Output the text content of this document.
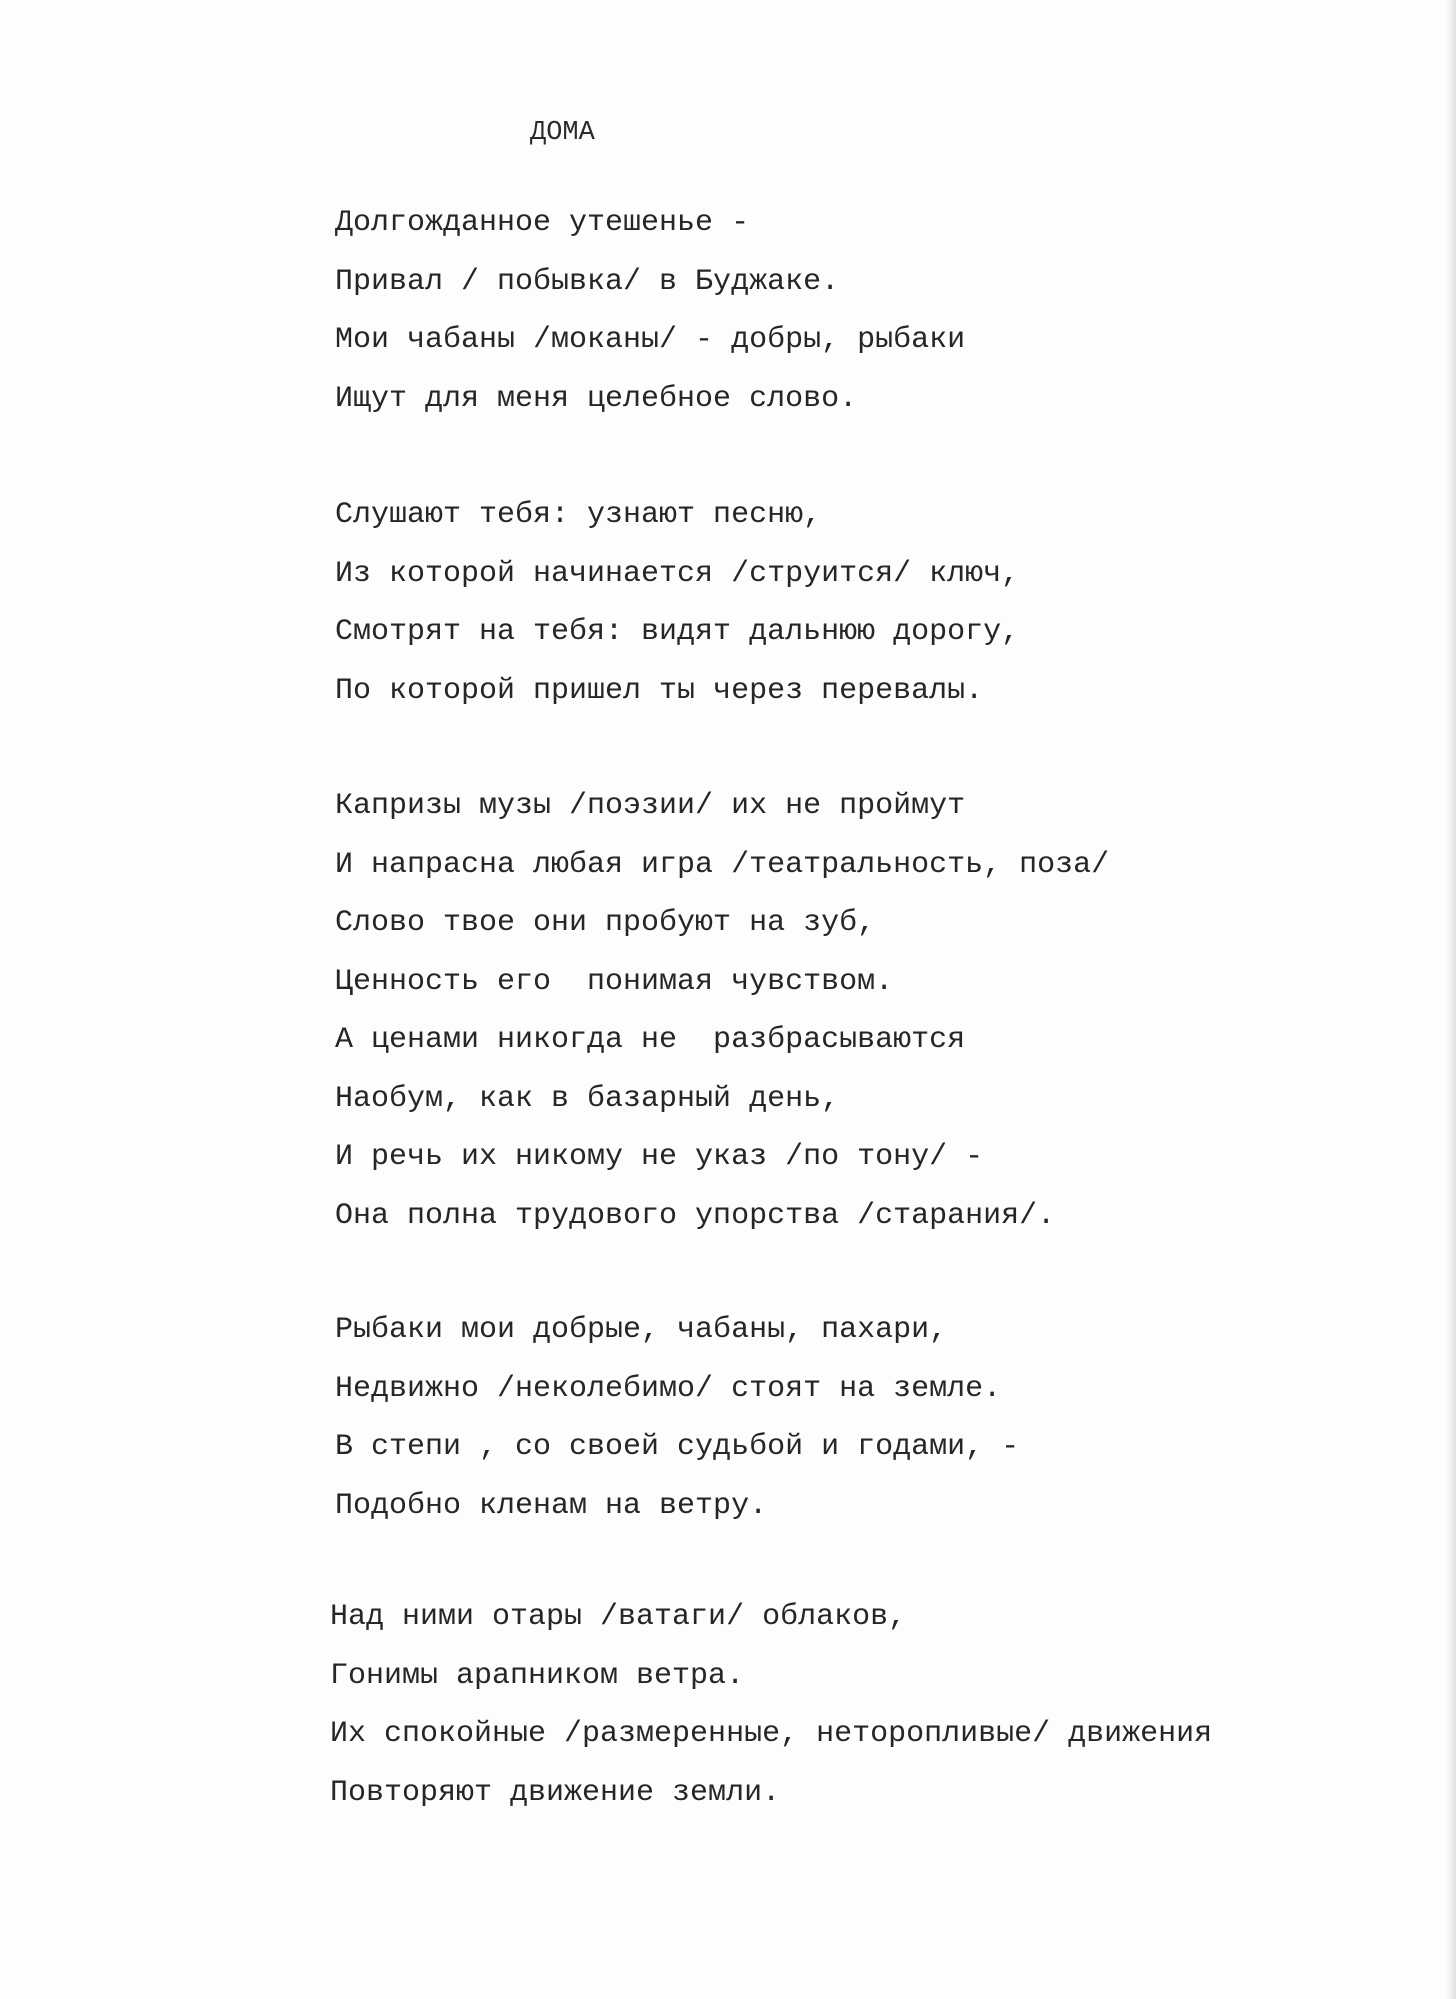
ДОМА
Долгожданное утешенье -
Привал / побывка/ в Буджаке.
Мои чабаны /моканы/ - добры, рыбаки
Ищут для меня целебное слово.
Слушают тебя: узнают песню,
Из которой начинается /струится/ ключ,
Смотрят на тебя: видят дальнюю дорогу,
По которой пришел ты через перевалы.
Капризы музы /поэзии/ их не проймут
И напрасна любая игра /театральность, поза/
Слово твое они пробуют на зуб,
Ценность его  понимая чувством.
А ценами никогда не  разбрасываются
Наобум, как в базарный день,
И речь их никому не указ /по тону/ -
Она полна трудового упорства /старания/.
Рыбаки мои добрые, чабаны, пахари,
Недвижно /неколебимо/ стоят на земле.
В степи , со своей судьбой и годами, -
Подобно кленам на ветру.
Над ними отары /ватаги/ облаков,
Гонимы арапником ветра.
Их спокойные /размеренные, неторопливые/ движения
Повторяют движение земли.
